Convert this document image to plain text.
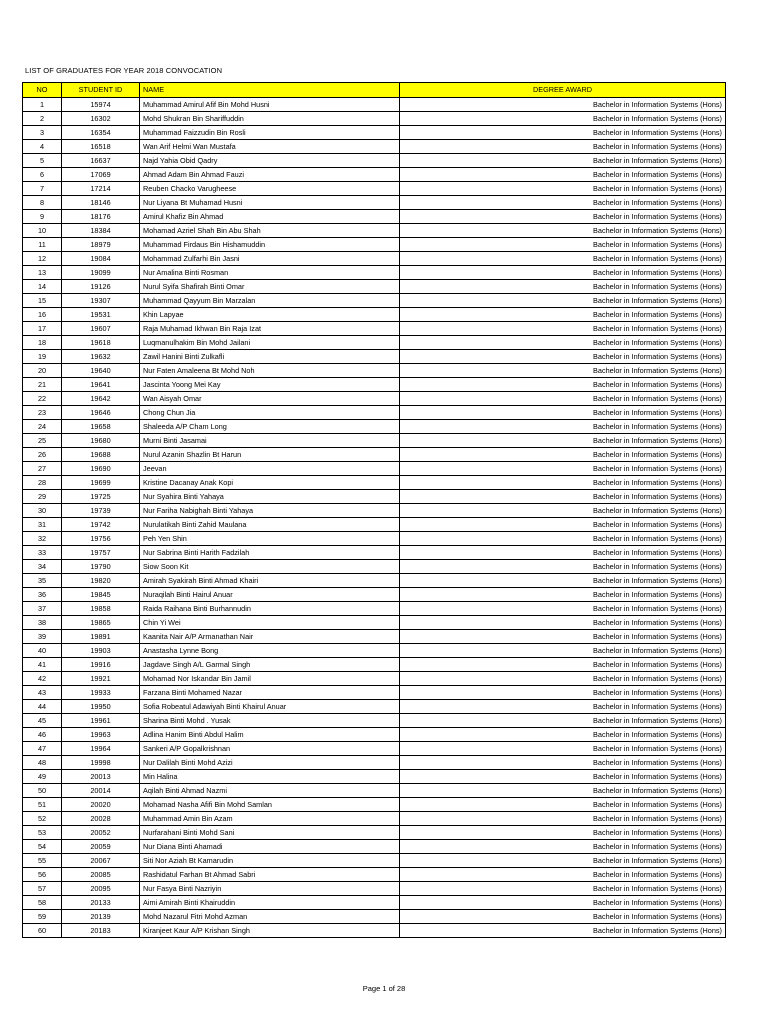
LIST OF GRADUATES FOR YEAR 2018 CONVOCATION
NO	STUDENT ID	NAME	DEGREE AWARD
1	15974	Muhammad Amirul Afif Bin Mohd Husni	Bachelor in Information Systems (Hons)
2	16302	Mohd Shukran Bin Shariffuddin	Bachelor in Information Systems (Hons)
3	16354	Muhammad Faizzudin Bin Rosli	Bachelor in Information Systems (Hons)
4	16518	Wan Arif Helmi Wan Mustafa	Bachelor in Information Systems (Hons)
5	16637	Najd Yahia Obid Qadry	Bachelor in Information Systems (Hons)
6	17069	Ahmad Adam Bin Ahmad Fauzi	Bachelor in Information Systems (Hons)
7	17214	Reuben Chacko Varugheese	Bachelor in Information Systems (Hons)
8	18146	Nur Liyana Bt Muhamad Husni	Bachelor in Information Systems (Hons)
9	18176	Amirul Khafiz Bin Ahmad	Bachelor in Information Systems (Hons)
10	18384	Mohamad Azriel Shah Bin Abu Shah	Bachelor in Information Systems (Hons)
11	18979	Muhammad Firdaus Bin Hishamuddin	Bachelor in Information Systems (Hons)
12	19084	Mohammad Zulfarhi Bin Jasni	Bachelor in Information Systems (Hons)
13	19099	Nur Amalina Binti Rosman	Bachelor in Information Systems (Hons)
14	19126	Nurul Syifa Shafirah Binti Omar	Bachelor in Information Systems (Hons)
15	19307	Muhammad Qayyum Bin Marzalan	Bachelor in Information Systems (Hons)
16	19531	Khin Lapyae	Bachelor in Information Systems (Hons)
17	19607	Raja Muhamad Ikhwan Bin Raja Izat	Bachelor in Information Systems (Hons)
18	19618	Luqmanulhakim Bin Mohd Jailani	Bachelor in Information Systems (Hons)
19	19632	Zawil Hanini Binti Zulkafli	Bachelor in Information Systems (Hons)
20	19640	Nur Faten Amaleena Bt Mohd Noh	Bachelor in Information Systems (Hons)
21	19641	Jascinta Yoong Mei Kay	Bachelor in Information Systems (Hons)
22	19642	Wan Aisyah Omar	Bachelor in Information Systems (Hons)
23	19646	Chong Chun Jia	Bachelor in Information Systems (Hons)
24	19658	Shaleeda A/P Cham Long	Bachelor in Information Systems (Hons)
25	19680	Murni Binti Jasamai	Bachelor in Information Systems (Hons)
26	19688	Nurul Azanin Shazlin Bt Harun	Bachelor in Information Systems (Hons)
27	19690	Jeevan	Bachelor in Information Systems (Hons)
28	19699	Kristine Dacanay Anak Kopi	Bachelor in Information Systems (Hons)
29	19725	Nur Syahira Binti Yahaya	Bachelor in Information Systems (Hons)
30	19739	Nur Fariha Nabighah Binti Yahaya	Bachelor in Information Systems (Hons)
31	19742	Nurulatikah Binti Zahid Maulana	Bachelor in Information Systems (Hons)
32	19756	Peh Yen Shin	Bachelor in Information Systems (Hons)
33	19757	Nur Sabrina Binti Harith Fadzilah	Bachelor in Information Systems (Hons)
34	19790	Siow Soon Kit	Bachelor in Information Systems (Hons)
35	19820	Amirah Syakirah Binti Ahmad Khairi	Bachelor in Information Systems (Hons)
36	19845	Nuraqilah Binti Hairul Anuar	Bachelor in Information Systems (Hons)
37	19858	Raida Raihana Binti Burhannudin	Bachelor in Information Systems (Hons)
38	19865	Chin Yi Wei	Bachelor in Information Systems (Hons)
39	19891	Kaanita Nair A/P Armanathan Nair	Bachelor in Information Systems (Hons)
40	19903	Anastasha Lynne Bong	Bachelor in Information Systems (Hons)
41	19916	Jagdave Singh A/L Garmal Singh	Bachelor in Information Systems (Hons)
42	19921	Mohamad Nor Iskandar Bin Jamil	Bachelor in Information Systems (Hons)
43	19933	Farzana Binti Mohamed Nazar	Bachelor in Information Systems (Hons)
44	19950	Sofia Robeatul Adawiyah Binti Khairul Anuar	Bachelor in Information Systems (Hons)
45	19961	Sharina Binti Mohd . Yusak	Bachelor in Information Systems (Hons)
46	19963	Adlina Hanim Binti Abdul Halim	Bachelor in Information Systems (Hons)
47	19964	Sankeri A/P Gopalkrishnan	Bachelor in Information Systems (Hons)
48	19998	Nur Dalilah Binti Mohd Azizi	Bachelor in Information Systems (Hons)
49	20013	Min Halina	Bachelor in Information Systems (Hons)
50	20014	Aqilah Binti Ahmad Nazmi	Bachelor in Information Systems (Hons)
51	20020	Mohamad Nasha Afifi Bin Mohd Samlan	Bachelor in Information Systems (Hons)
52	20028	Muhammad Amin Bin Azam	Bachelor in Information Systems (Hons)
53	20052	Nurfarahani Binti Mohd Sani	Bachelor in Information Systems (Hons)
54	20059	Nur Diana Binti Ahamadi	Bachelor in Information Systems (Hons)
55	20067	Siti Nor Aziah Bt Kamarudin	Bachelor in Information Systems (Hons)
56	20085	Rashidatul Farhan Bt Ahmad Sabri	Bachelor in Information Systems (Hons)
57	20095	Nur Fasya Binti Nazriyin	Bachelor in Information Systems (Hons)
58	20133	Aimi Amirah Binti Khairuddin	Bachelor in Information Systems (Hons)
59	20139	Mohd Nazarul Fitri Mohd Azman	Bachelor in Information Systems (Hons)
60	20183	Kiranjeet Kaur A/P Krishan Singh	Bachelor in Information Systems (Hons)
Page 1 of 28
